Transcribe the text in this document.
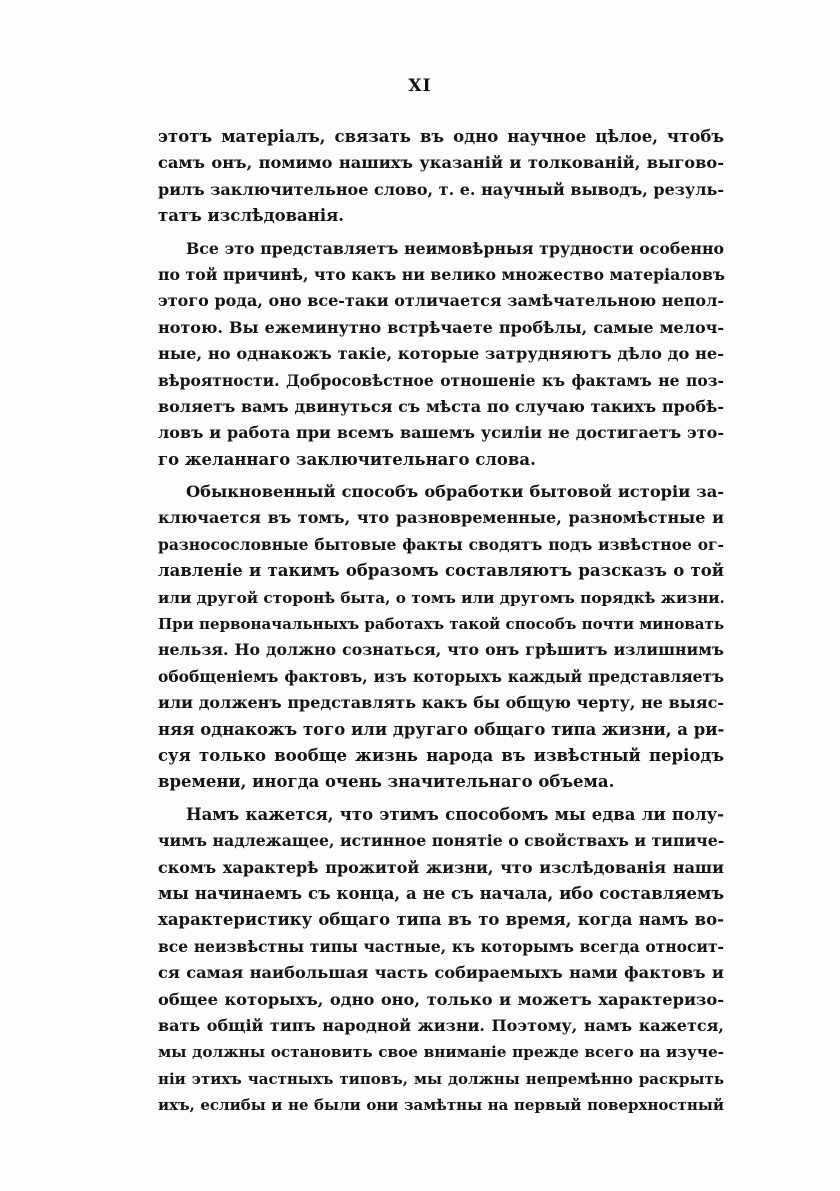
XI
этотъ матеріалъ, связать въ одно научное цѣлое, чтобъ
самъ онъ, помимо нашихъ указаній и толкованій, выгово-
рилъ заключительное слово, т. е. научный выводъ, резуль-
татъ изслѣдованія.
Все это представляетъ неимовѣрныя трудности особенно
по той причинѣ, что какъ ни велико множество матеріаловъ
этого рода, оно все-таки отличается замѣчательною непол-
нотою. Вы ежеминутно встрѣчаете пробѣлы, самые мелоч-
ные, но однакожъ такіе, которые затрудняютъ дѣло до не-
вѣроятности. Добросовѣстное отношеніе къ фактамъ не поз-
воляетъ вамъ двинуться съ мѣста по случаю такихъ пробѣ-
ловъ и работа при всемъ вашемъ усиліи не достигаетъ это-
го желаннаго заключительнаго слова.
Обыкновенный способъ обработки бытовой исторіи за-
ключается въ томъ, что разновременные, разномѣстные и
разносословные бытовые факты сводятъ подъ извѣстное ог-
лавленіе и такимъ образомъ составляютъ разсказъ о той
или другой сторонѣ быта, о томъ или другомъ порядкѣ жизни.
При первоначальныхъ работахъ такой способъ почти миновать
нельзя. Но должно сознаться, что онъ грѣшитъ излишнимъ
обобщеніемъ фактовъ, изъ которыхъ каждый представляетъ
или долженъ представлять какъ бы общую черту, не выяс-
няя однакожъ того или другаго общаго типа жизни, а ри-
суя только вообще жизнь народа въ извѣстный періодъ
времени, иногда очень значительнаго объема.
Намъ кажется, что этимъ способомъ мы едва ли полу-
чимъ надлежащее, истинное понятіе о свойствахъ и типиче-
скомъ характерѣ прожитой жизни, что изслѣдованія наши
мы начинаемъ съ конца, а не съ начала, ибо составляемъ
характеристику общаго типа въ то время, когда намъ во-
все неизвѣстны типы частные, къ которымъ всегда относит-
ся самая наибольшая часть собираемыхъ нами фактовъ и
общее которыхъ, одно оно, только и можетъ характеризо-
вать общій типъ народной жизни. Поэтому, намъ кажется,
мы должны остановить свое вниманіе прежде всего на изуче-
ніи этихъ частныхъ типовъ, мы должны непремѣнно раскрыть
ихъ, еслибы и не были они замѣтны на первый поверхностный
